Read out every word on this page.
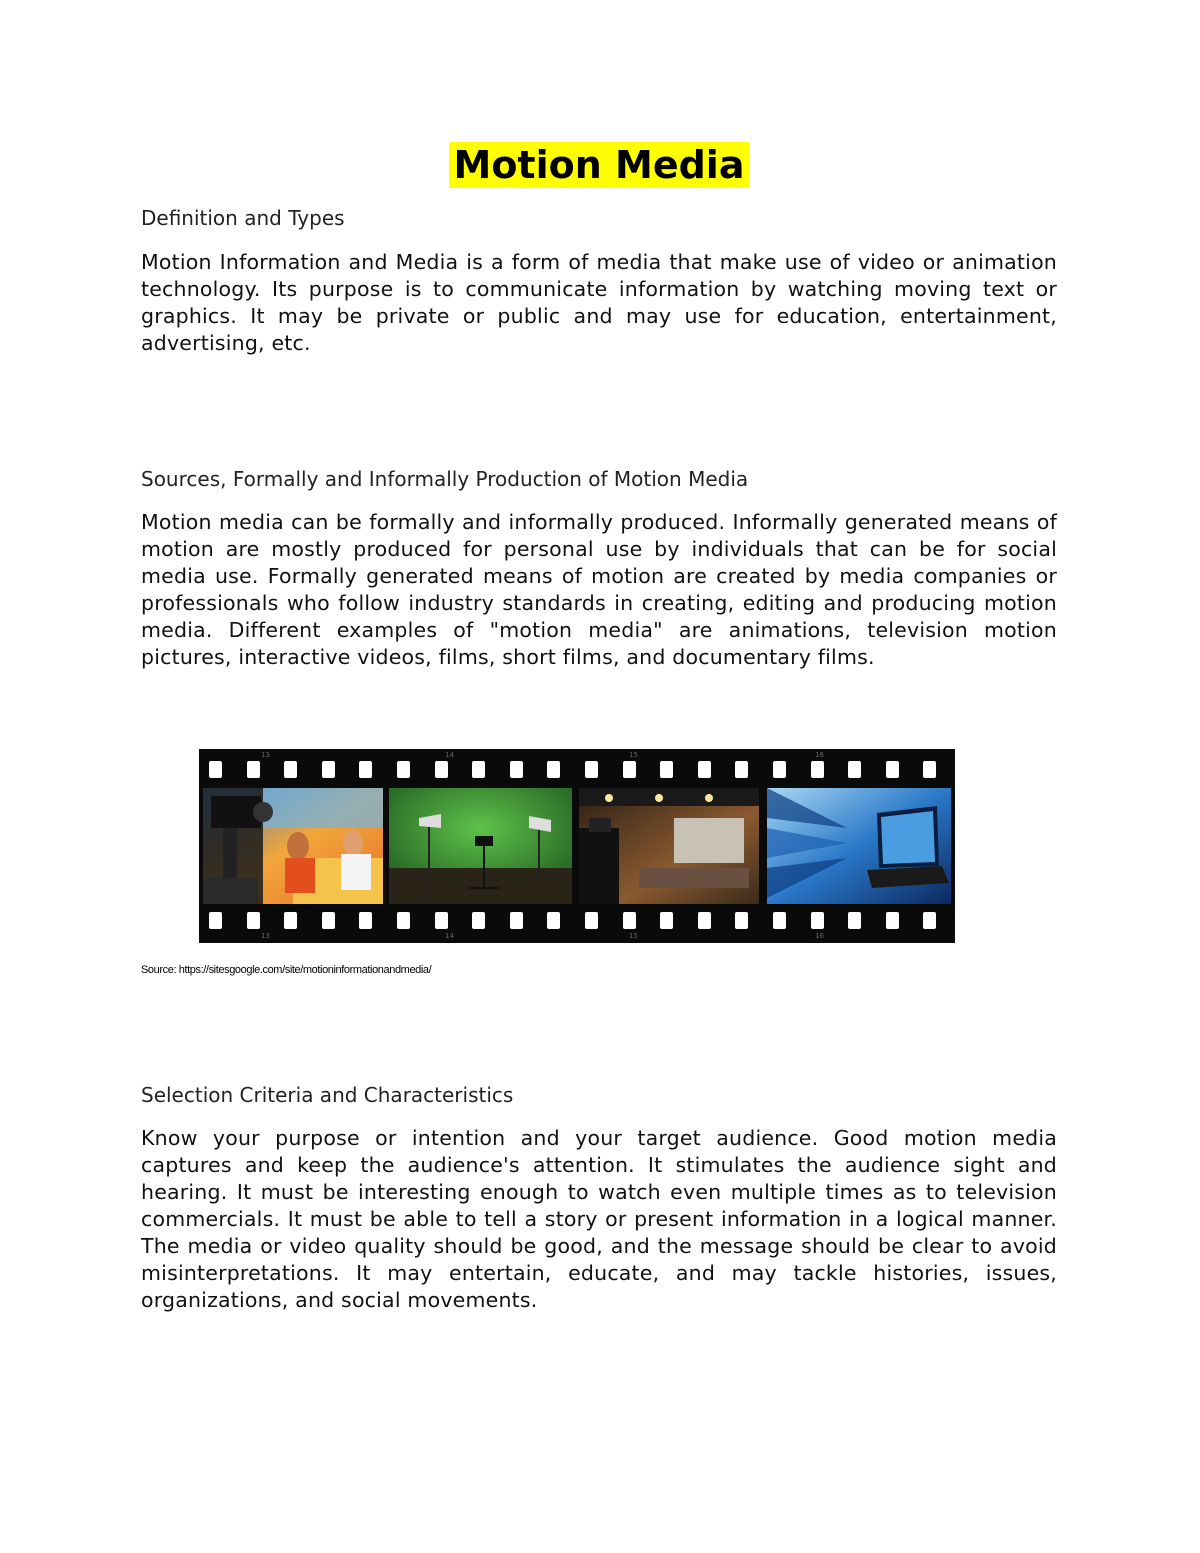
Motion Media
Definition and Types
Motion Information and Media is a form of media that make use of video or animation technology. Its purpose is to communicate information by watching moving text or graphics. It may be private or public and may use for education, entertainment, advertising, etc.
Sources, Formally and Informally Production of Motion Media
Motion media can be formally and informally produced. Informally generated means of motion are mostly produced for personal use by individuals that can be for social media use. Formally generated means of motion are created by media companies or professionals who follow industry standards in creating, editing and producing motion media. Different examples of "motion media" are animations, television motion pictures, interactive videos, films, short films, and documentary films.
Source: https://sitesgoogle.com/site/motioninformationandmedia/
Selection Criteria and Characteristics
Know your purpose or intention and your target audience. Good motion media captures and keep the audience's attention. It stimulates the audience sight and hearing. It must be interesting enough to watch even multiple times as to television commercials. It must be able to tell a story or present information in a logical manner. The media or video quality should be good, and the message should be clear to avoid misinterpretations. It may entertain, educate, and may tackle histories, issues, organizations, and social movements.
13	14	15	16
13	14	15	16
